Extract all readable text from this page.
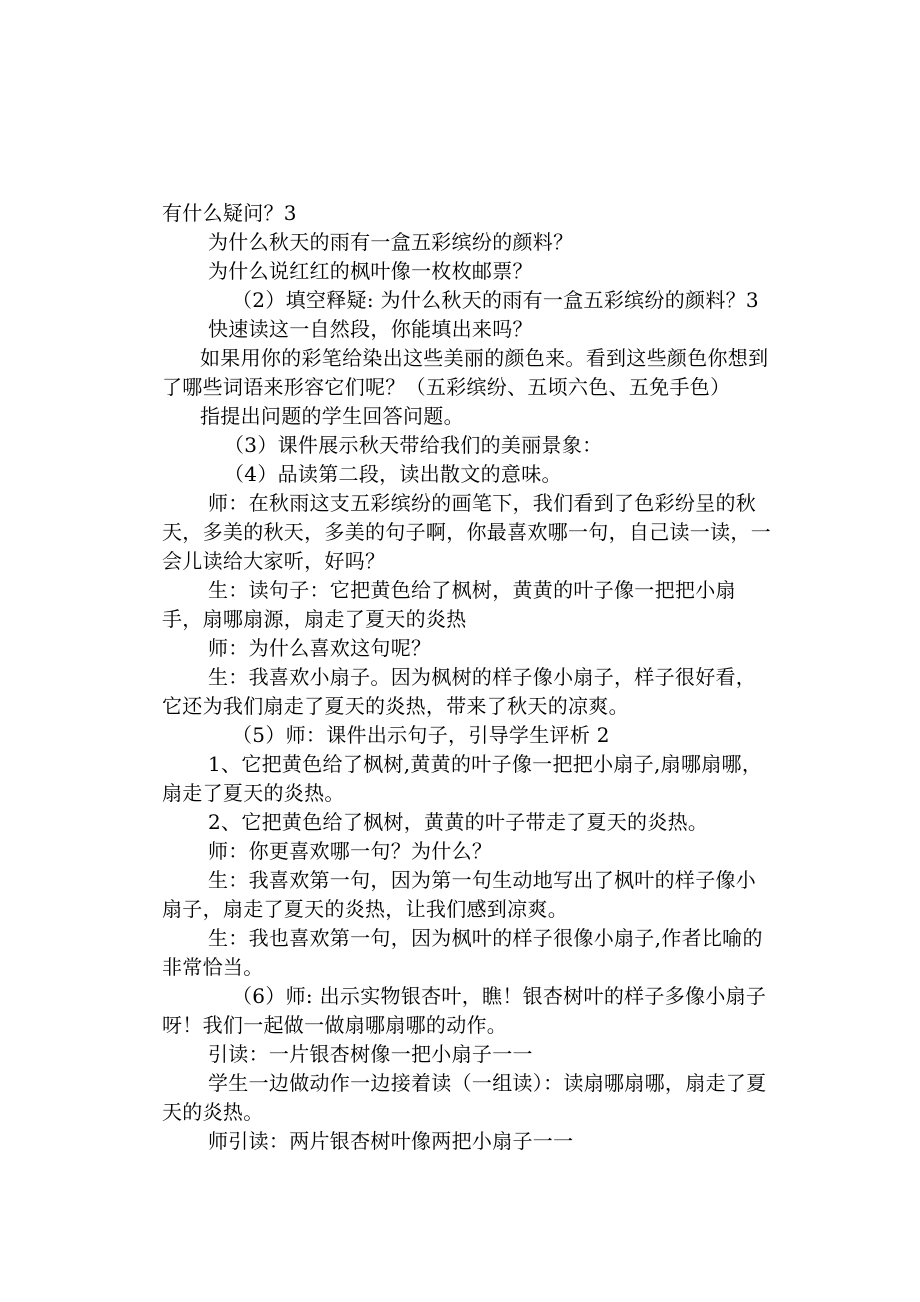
有什么疑问？3

为什么秋天的雨有一盒五彩缤纷的颜料？

为什么说红红的枫叶像一枚枚邮票？

（2）填空释疑: 为什么秋天的雨有一盒五彩缤纷的颜料？3

快速读这一自然段，你能填出来吗？

如果用你的彩笔给染出这些美丽的颜色来。看到这些颜色你想到了哪些词语来形容它们呢？（五彩缤纷、五顷六色、五免手色）

指提出问题的学生回答问题。

（3）课件展示秋天带给我们的美丽景象：

（4）品读第二段，读出散文的意味。

师：在秋雨这支五彩缤纷的画笔下，我们看到了色彩纷呈的秋天，多美的秋天，多美的句子啊，你最喜欢哪一句，自己读一读，一会儿读给大家听，好吗？

生：读句子：它把黄色给了枫树，黄黄的叶子像一把把小扇手，扇哪扇源，扇走了夏天的炎热

师：为什么喜欢这句呢？

生：我喜欢小扇子。因为枫树的样子像小扇子，样子很好看，它还为我们扇走了夏天的炎热，带来了秋天的凉爽。

（5）师：课件出示句子，引导学生评析 2

1、它把黄色给了枫树,黄黄的叶子像一把把小扇子,扇哪扇哪，扇走了夏天的炎热。

2、它把黄色给了枫树，黄黄的叶子带走了夏天的炎热。

师：你更喜欢哪一句？为什么？

生：我喜欢第一句，因为第一句生动地写出了枫叶的样子像小扇子，扇走了夏天的炎热，让我们感到凉爽。

生：我也喜欢第一句，因为枫叶的样子很像小扇子,作者比喻的非常恰当。

（6）师: 出示实物银杏叶，瞧！银杏树叶的样子多像小扇子呀！我们一起做一做扇哪扇哪的动作。

引读：一片银杏树像一把小扇子一一

学生一边做动作一边接着读（一组读）：读扇哪扇哪，扇走了夏天的炎热。

师引读：两片银杏树叶像两把小扇子一一
